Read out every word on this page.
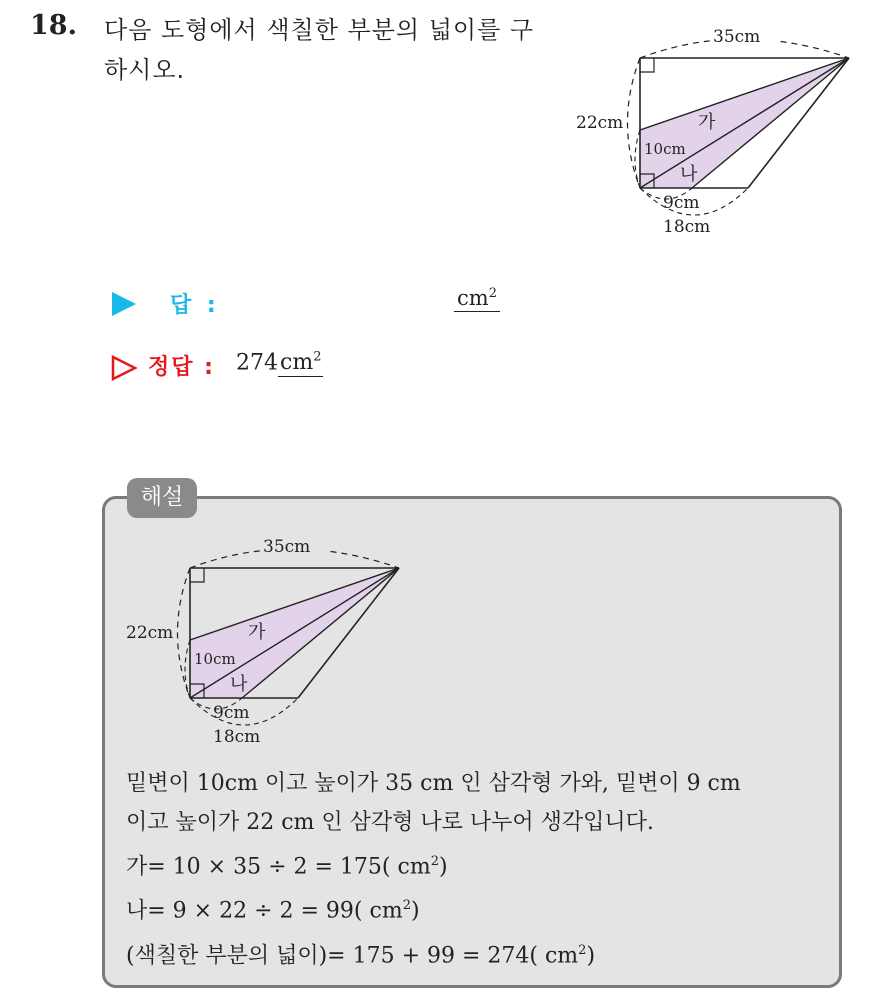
18. 다음 도형에서 색칠한 부분의 넓이를 구
하시오.
35cm
22cm
10cm
가
나
9cm
18cm
답 :	$cm^2$
정답 : $274cm^2$
해설
35cm
22cm
10cm
가
나
9cm
18cm
밑변이 10cm 이고 높이가 35 cm 인 삼각형 가와, 밑변이 9 cm
이고 높이가 22 cm 인 삼각형 나로 나누어 생각입니다.
가= 10 × 35 ÷ 2 = 175( $cm^2$)
나= 9 × 22 ÷ 2 = 99( $cm^2$)
(색칠한 부분의 넓이)= 175 + 99 = 274( $cm^2$)
